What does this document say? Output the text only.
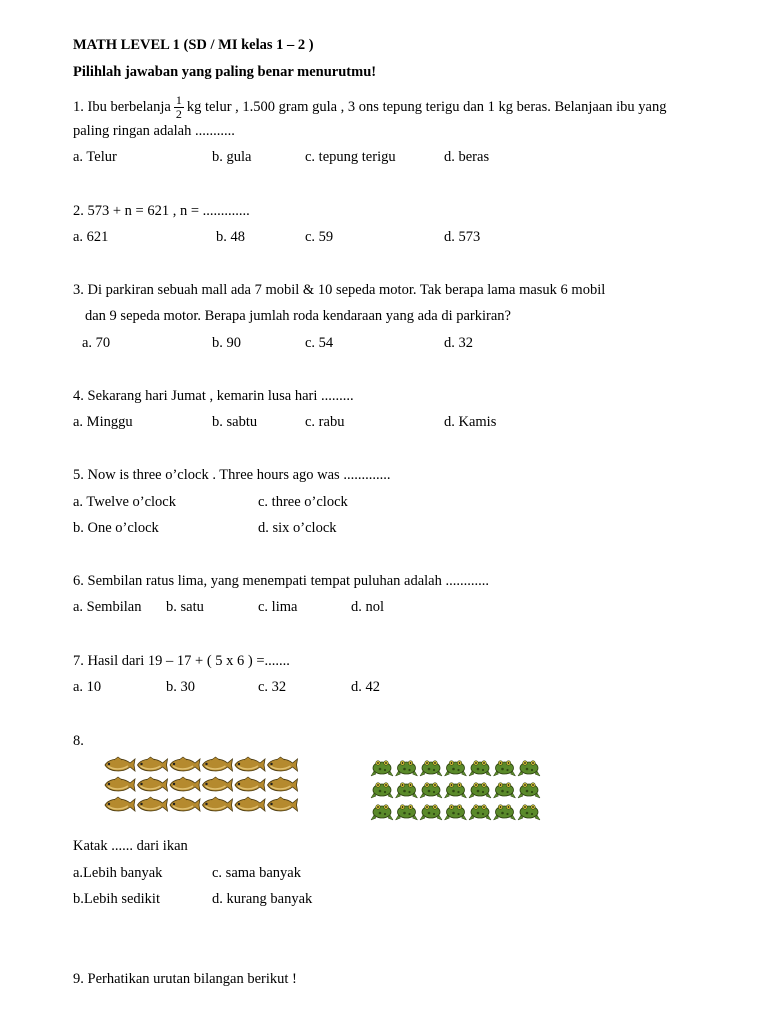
MATH LEVEL 1 (SD / MI kelas 1 – 2 )
Pilihlah jawaban yang paling benar menurutmu!
1. Ibu berbelanja $\frac{1}{2}$ kg telur , 1.500 gram gula , 3 ons tepung terigu dan 1 kg beras. Belanjaan ibu yang
paling ringan adalah ...........
a. Telur	b. gula	c. tepung terigu	d. beras
2. 573 + n = 621 , n = .............
a. 621	b. 48	c. 59	d. 573
3. Di parkiran sebuah mall ada 7 mobil & 10 sepeda motor. Tak berapa lama masuk 6 mobil
dan 9 sepeda motor. Berapa jumlah roda kendaraan yang ada di parkiran?
a. 70	b. 90	c. 54	d. 32
4. Sekarang hari Jumat , kemarin lusa hari .........
a. Minggu	b. sabtu	c. rabu	d. Kamis
5. Now is three o’clock . Three hours ago was .............
a. Twelve o’clock	c. three o’clock
b. One o’clock	d. six o’clock
6. Sembilan ratus lima, yang menempati tempat puluhan adalah ............
a. Sembilan b. satu	c. lima	d. nol
7. Hasil dari 19 – 17 + ( 5 x 6 ) =.......
a. 10	b. 30	c. 32	d. 42
8.
Katak ...... dari ikan
a.Lebih banyak	c. sama banyak
b.Lebih sedikit	d. kurang banyak
9. Perhatikan urutan bilangan berikut !
